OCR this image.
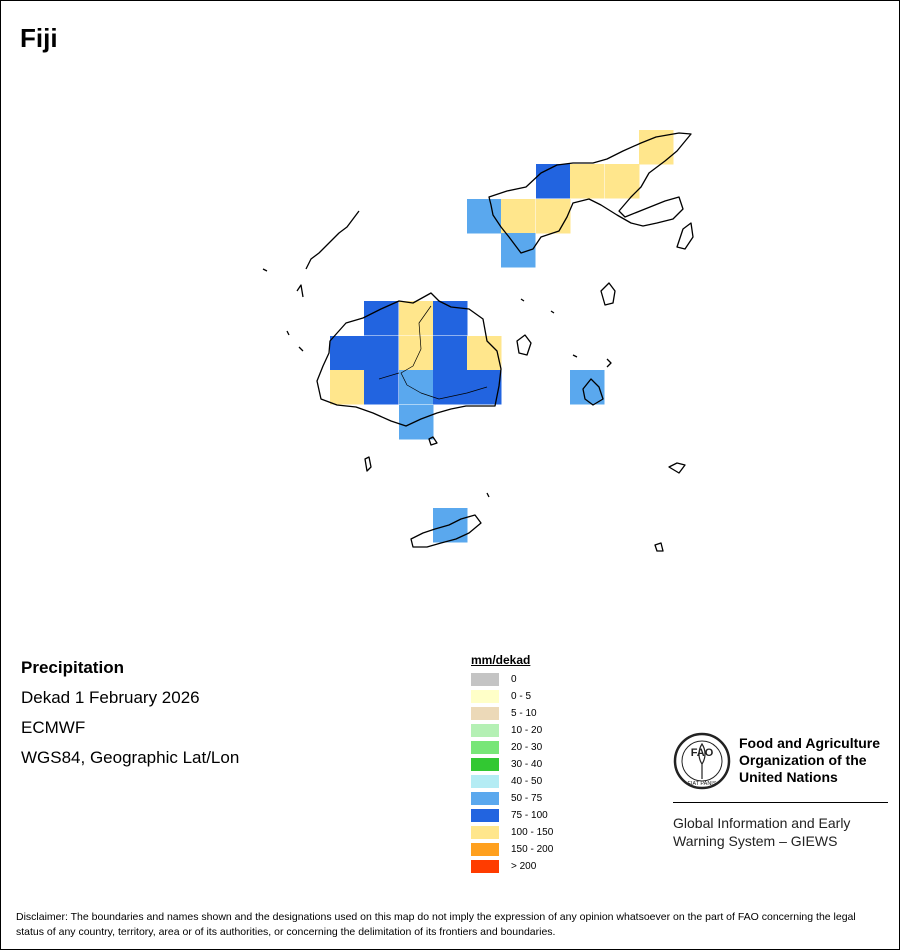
Fiji
Precipitation
Dekad 1 February 2026
ECMWF
WGS84, Geographic Lat/Lon
mm/dekad
0
0 - 5
5 - 10
10 - 20
20 - 30
30 - 40
40 - 50
50 - 75
75 - 100
100 - 150
150 - 200
> 200
FAO
FIAT PANIS
Food and Agriculture
Organization of the
United Nations
Global Information and Early
Warning System – GIEWS
Disclaimer: The boundaries and names shown and the designations used on this map do not imply the expression of any opinion whatsoever on the part of FAO concerning the legal status of any country, territory, area or of its authorities, or concerning the delimitation of its frontiers and boundaries.
